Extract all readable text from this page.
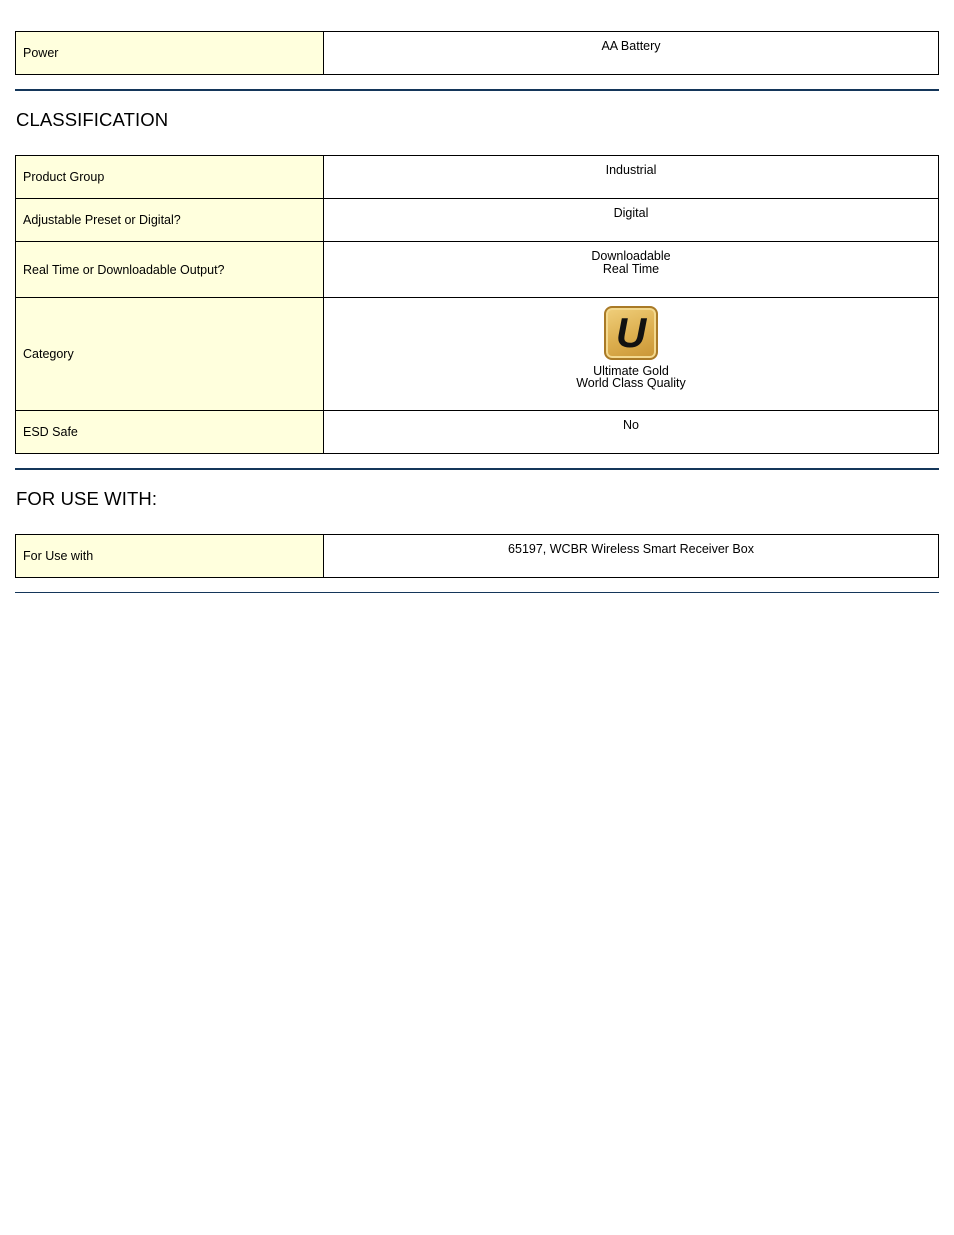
Power	AA Battery
CLASSIFICATION
Product Group	Industrial
Adjustable Preset or Digital?	Digital
Real Time or Downloadable Output?	Downloadable
Real Time

Category	U
Ultimate Gold
World Class Quality

ESD Safe	No
FOR USE WITH:
For Use with	65197, WCBR Wireless Smart Receiver Box
